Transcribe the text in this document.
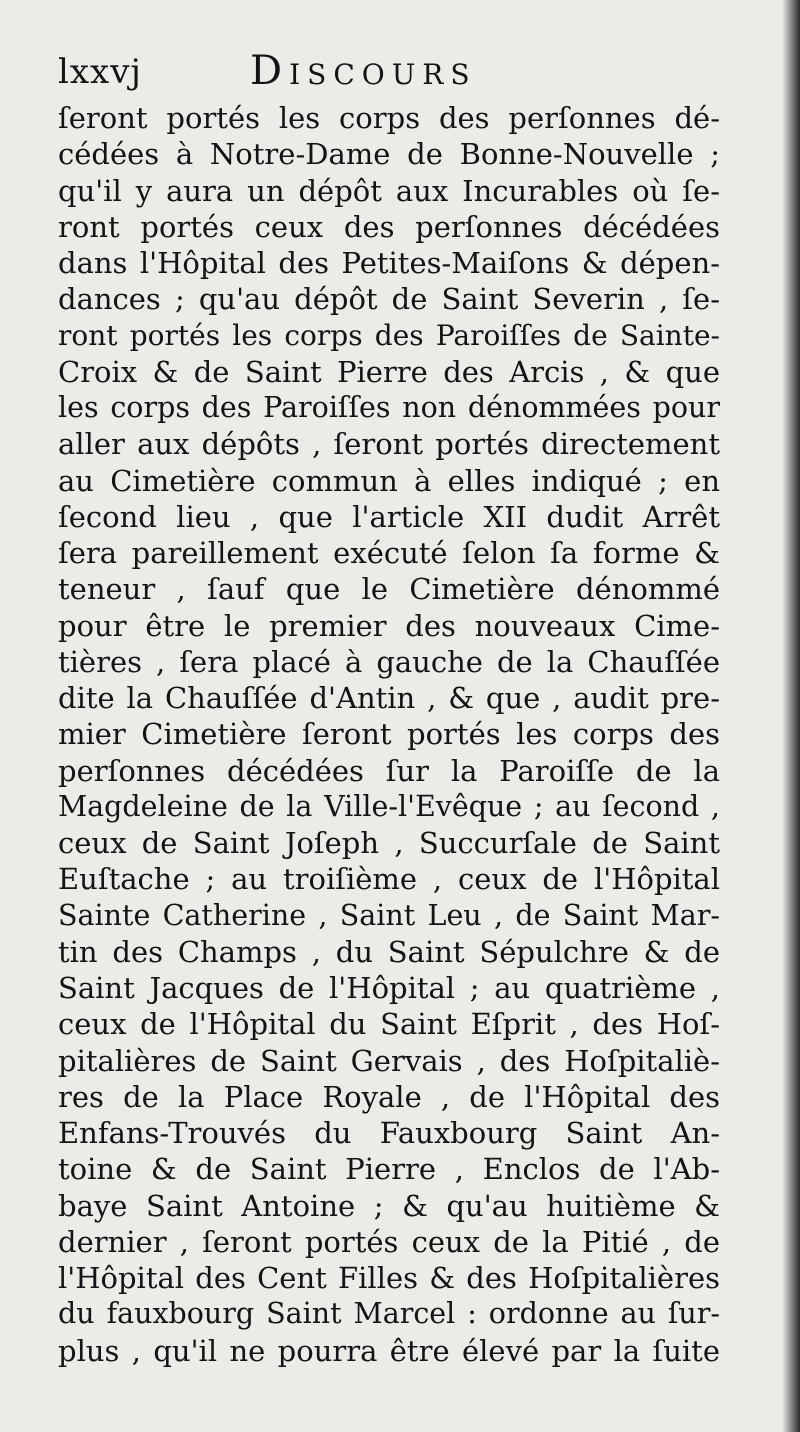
lxxvj	Discours
ſeront portés les corps des perſonnes dé-
cédées à Notre-Dame de Bonne-Nouvelle ;
qu'il y aura un dépôt aux Incurables où ſe-
ront portés ceux des perſonnes décédées
dans l'Hôpital des Petites-Maiſons & dépen-
dances ; qu'au dépôt de Saint Severin , ſe-
ront portés les corps des Paroiſſes de Sainte-
Croix & de Saint Pierre des Arcis , & que
les corps des Paroiſſes non dénommées pour
aller aux dépôts , ſeront portés directement
au Cimetière commun à elles indiqué ; en
ſecond lieu , que l'article XII dudit Arrêt
ſera pareillement exécuté ſelon ſa forme &
teneur , ſauf que le Cimetière dénommé
pour être le premier des nouveaux Cime-
tières , ſera placé à gauche de la Chauſſée
dite la Chauſſée d'Antin , & que , audit pre-
mier Cimetière ſeront portés les corps des
perſonnes décédées ſur la Paroiſſe de la
Magdeleine de la Ville-l'Evêque ; au ſecond ,
ceux de Saint Joſeph , Succurſale de Saint
Euſtache ; au troiſième , ceux de l'Hôpital
Sainte Catherine , Saint Leu , de Saint Mar-
tin des Champs , du Saint Sépulchre & de
Saint Jacques de l'Hôpital ; au quatrième ,
ceux de l'Hôpital du Saint Eſprit , des Hoſ-
pitalières de Saint Gervais , des Hoſpitaliè-
res de la Place Royale , de l'Hôpital des
Enfans-Trouvés du Fauxbourg Saint An-
toine & de Saint Pierre , Enclos de l'Ab-
baye Saint Antoine ; & qu'au huitième &
dernier , ſeront portés ceux de la Pitié , de
l'Hôpital des Cent Filles & des Hoſpitalières
du fauxbourg Saint Marcel : ordonne au ſur-
plus , qu'il ne pourra être élevé par la ſuite
